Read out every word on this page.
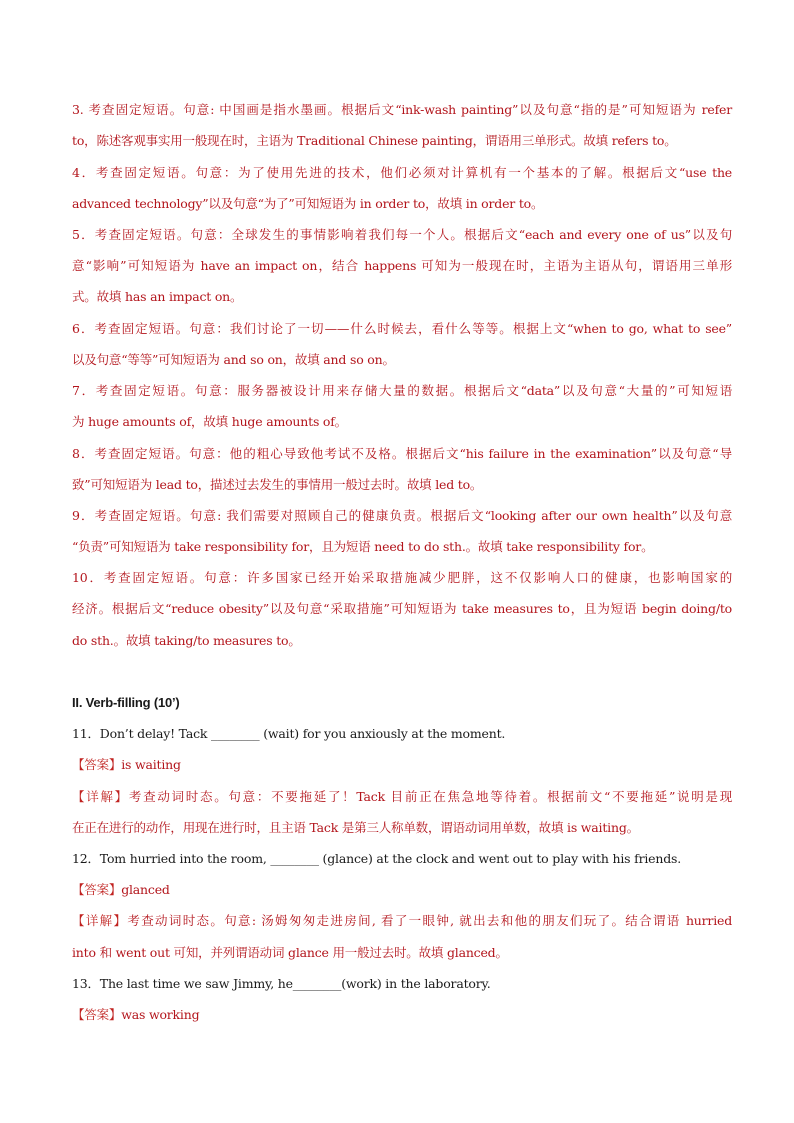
3. 考查固定短语。句意: 中国画是指水墨画。根据后文“ink-wash painting”以及句意“指的是”可知短语为 refer
to，陈述客观事实用一般现在时，主语为 Traditional Chinese painting，谓语用三单形式。故填 refers to。
4．考查固定短语。句意：为了使用先进的技术，他们必须对计算机有一个基本的了解。根据后文“use the
advanced technology”以及句意“为了”可知短语为 in order to，故填 in order to。
5．考查固定短语。句意：全球发生的事情影响着我们每一个人。根据后文“each and every one of us”以及句
意“影响”可知短语为 have an impact on，结合 happens 可知为一般现在时，主语为主语从句，谓语用三单形
式。故填 has an impact on。
6．考查固定短语。句意：我们讨论了一切——什么时候去，看什么等等。根据上文“when to go, what to see”
以及句意“等等”可知短语为 and so on，故填 and so on。
7．考查固定短语。句意：服务器被设计用来存储大量的数据。根据后文“data”以及句意“大量的”可知短语
为 huge amounts of，故填 huge amounts of。
8．考查固定短语。句意：他的粗心导致他考试不及格。根据后文“his failure in the examination”以及句意“导
致”可知短语为 lead to，描述过去发生的事情用一般过去时。故填 led to。
9．考查固定短语。句意: 我们需要对照顾自己的健康负责。根据后文“looking after our own health”以及句意
“负责”可知短语为 take responsibility for，且为短语 need to do sth.。故填 take responsibility for。
10．考查固定短语。句意：许多国家已经开始采取措施减少肥胖，这不仅影响人口的健康，也影响国家的
经济。根据后文“reduce obesity”以及句意“采取措施”可知短语为 take measures to，且为短语 begin doing/to
do sth.。故填 taking/to measures to。
II. Verb-filling (10’)
11．Don’t delay! Tack ________ (wait) for you anxiously at the moment.
【答案】is waiting
【详解】考查动词时态。句意：不要拖延了！Tack 目前正在焦急地等待着。根据前文“不要拖延”说明是现
在正在进行的动作，用现在进行时，且主语 Tack 是第三人称单数，谓语动词用单数，故填 is waiting。
12．Tom hurried into the room, ________ (glance) at the clock and went out to play with his friends.
【答案】glanced
【详解】考查动词时态。句意: 汤姆匆匆走进房间, 看了一眼钟, 就出去和他的朋友们玩了。结合谓语 hurried
into 和 went out 可知，并列谓语动词 glance 用一般过去时。故填 glanced。
13．The last time we saw Jimmy, he________(work) in the laboratory.
【答案】was working
